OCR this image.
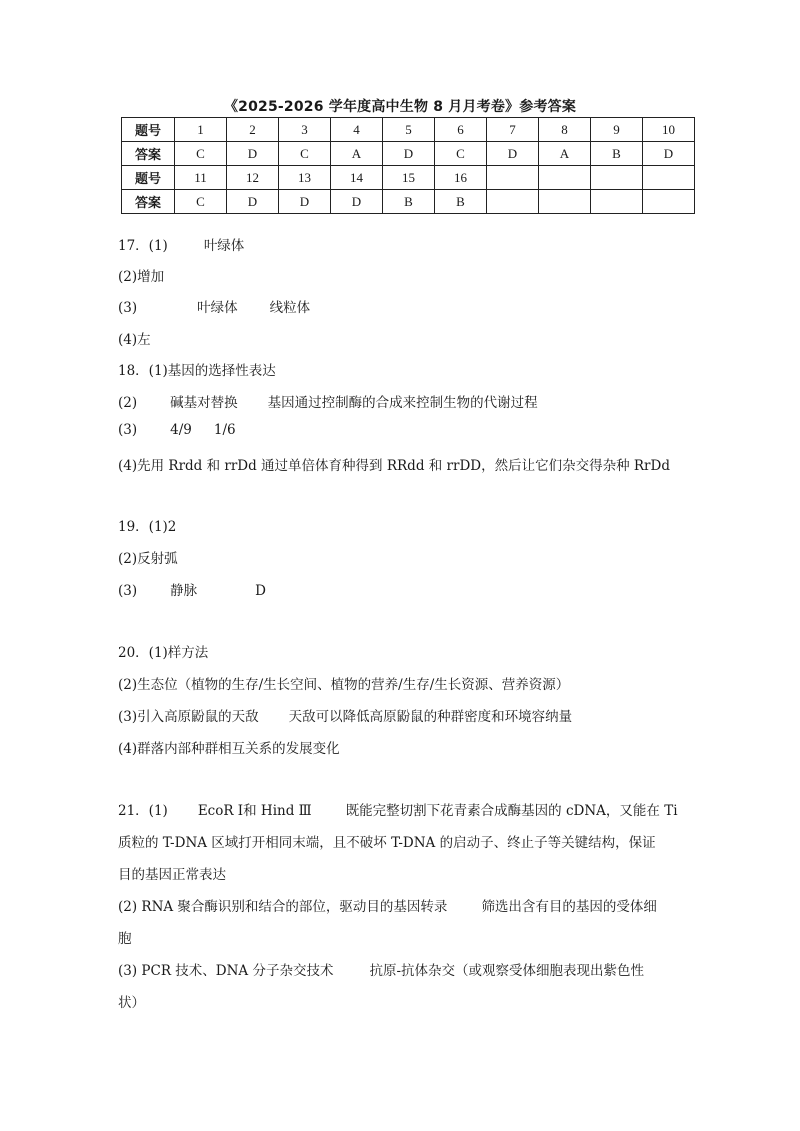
《2025-2026 学年度高中生物 8 月月考卷》参考答案
题号	1	2	3	4	5	6	7	8	9	10
答案	C	D	C	A	D	C	D	A	B	D
题号	11	12	13	14	15	16				
答案	C	D	D	D	B	B				
17．(1)	叶绿体
(2)增加
(3)	叶绿体 线粒体
(4)左
18．(1)基因的选择性表达
(2) 碱基对替换 基因通过控制酶的合成来控制生物的代谢过程
(3) 4/9 1/6
(4)先用 Rrdd 和 rrDd 通过单倍体育种得到 RRdd 和 rrDD，然后让它们杂交得杂种 RrDd
19．(1)2
(2)反射弧
(3) 静脉	D
20．(1)样方法
(2)生态位（植物的生存/生长空间、植物的营养/生存/生长资源、营养资源）
(3)引入高原鼢鼠的天敌 天敌可以降低高原鼢鼠的种群密度和环境容纳量
(4)群落内部种群相互关系的发展变化
21．(1) EcoR Ⅰ和 Hind Ⅲ	既能完整切割下花青素合成酶基因的 cDNA，又能在 Ti
质粒的 T-DNA 区域打开相同末端，且不破坏 T-DNA 的启动子、终止子等关键结构，保证
目的基因正常表达
(2) RNA 聚合酶识别和结合的部位，驱动目的基因转录	筛选出含有目的基因的受体细
胞
(3) PCR 技术、DNA 分子杂交技术	抗原-抗体杂交（或观察受体细胞表现出紫色性
状）
